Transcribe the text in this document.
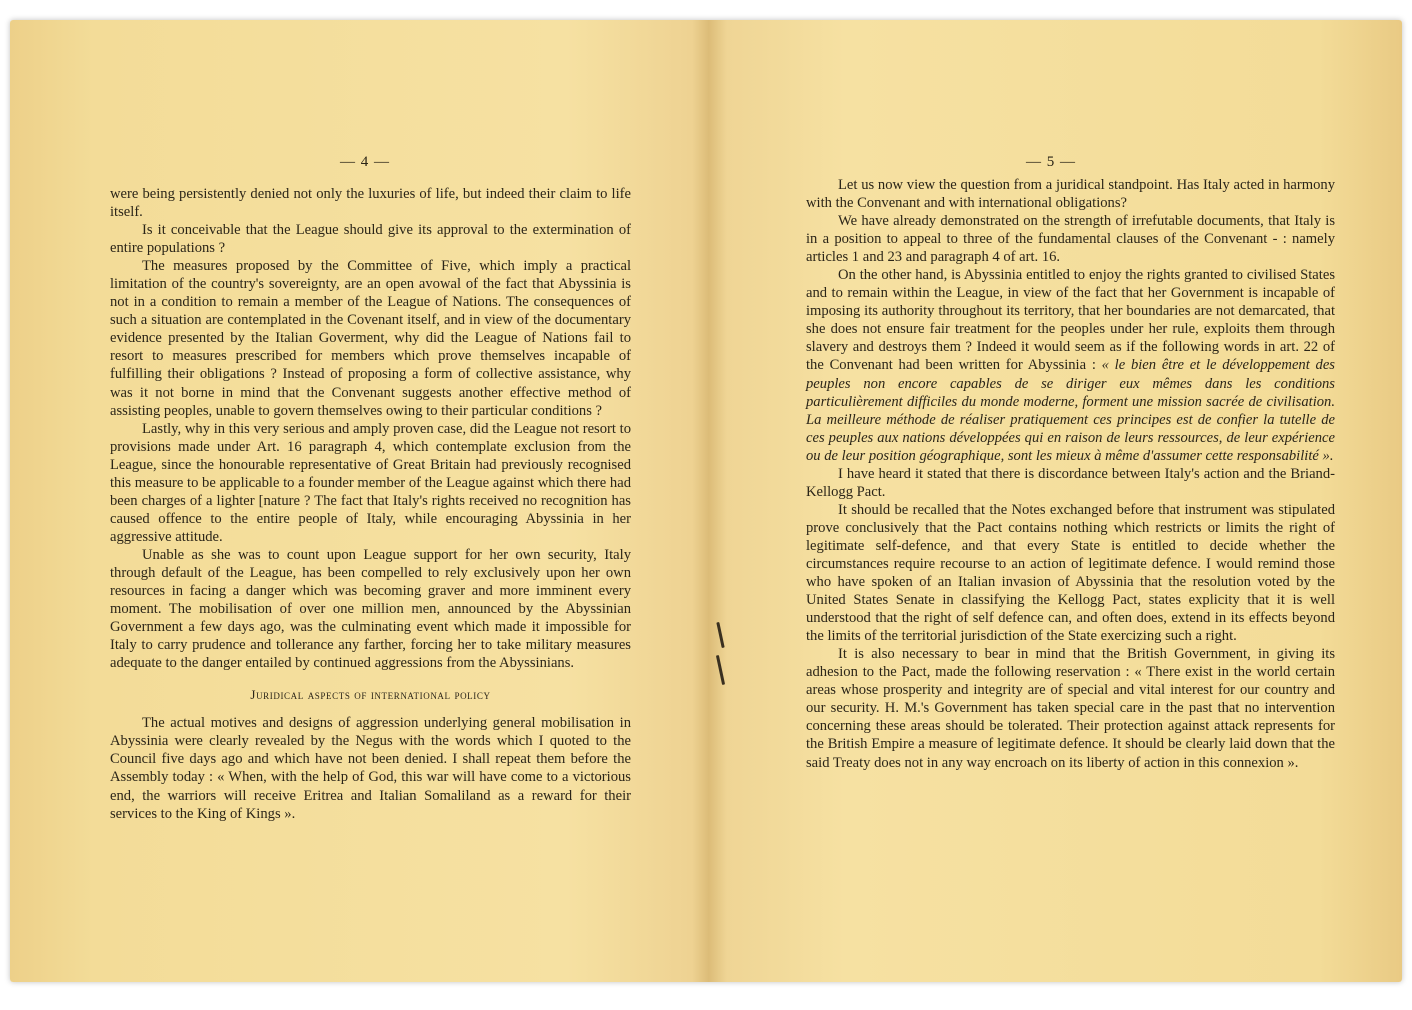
— 4 —

were being persistently denied not only the luxuries of life, but indeed their claim to life itself.

Is it conceivable that the League should give its approval to the extermination of entire populations ?

The measures proposed by the Committee of Five, which imply a practical limitation of the country's sovereignty, are an open avowal of the fact that Abyssinia is not in a condition to remain a member of the League of Nations. The consequences of such a situation are contemplated in the Covenant itself, and in view of the documentary evidence presented by the Italian Goverment, why did the League of Nations fail to resort to measures prescribed for members which prove themselves incapable of fulfilling their obligations ? Instead of proposing a form of collective assistance, why was it not borne in mind that the Convenant suggests another effective method of assisting peoples, unable to govern themselves owing to their particular conditions ?

Lastly, why in this very serious and amply proven case, did the League not resort to provisions made under Art. 16 paragraph 4, which contemplate exclusion from the League, since the honourable representative of Great Britain had previously recognised this measure to be applicable to a founder member of the League against which there had been charges of a lighter [nature ? The fact that Italy's rights received no recognition has caused offence to the entire people of Italy, while encouraging Abyssinia in her aggressive attitude.

Unable as she was to count upon League support for her own security, Italy through default of the League, has been compelled to rely exclusively upon her own resources in facing a danger which was becoming graver and more imminent every moment. The mobilisation of over one million men, announced by the Abyssinian Government a few days ago, was the culminating event which made it impossible for Italy to carry prudence and tollerance any farther, forcing her to take military measures adequate to the danger entailed by continued aggressions from the Abyssinians.

Juridical aspects of international policy

The actual motives and designs of aggression underlying general mobilisation in Abyssinia were clearly revealed by the Negus with the words which I quoted to the Council five days ago and which have not been denied. I shall repeat them before the Assembly today : « When, with the help of God, this war will have come to a victorious end, the warriors will receive Eritrea and Italian Somaliland as a reward for their services to the King of Kings ».

— 5 —

Let us now view the question from a juridical standpoint. Has Italy acted in harmony with the Convenant and with international obligations?

We have already demonstrated on the strength of irrefutable documents, that Italy is in a position to appeal to three of the fundamental clauses of the Convenant - : namely articles 1 and 23 and paragraph 4 of art. 16.

On the other hand, is Abyssinia entitled to enjoy the rights granted to civilised States and to remain within the League, in view of the fact that her Government is incapable of imposing its authority throughout its territory, that her boundaries are not demarcated, that she does not ensure fair treatment for the peoples under her rule, exploits them through slavery and destroys them ? Indeed it would seem as if the following words in art. 22 of the Convenant had been written for Abyssinia : « le bien être et le développement des peuples non encore capables de se diriger eux mêmes dans les conditions particulièrement difficiles du monde moderne, forment une mission sacrée de civilisation. La meilleure méthode de réaliser pratiquement ces principes est de confier la tutelle de ces peuples aux nations développées qui en raison de leurs ressources, de leur expérience ou de leur position géographique, sont les mieux à même d'assumer cette responsabilité ».

I have heard it stated that there is discordance between Italy's action and the Briand-Kellogg Pact.

It should be recalled that the Notes exchanged before that instrument was stipulated prove conclusively that the Pact contains nothing which restricts or limits the right of legitimate self-defence, and that every State is entitled to decide whether the circumstances require recourse to an action of legitimate defence. I would remind those who have spoken of an Italian invasion of Abyssinia that the resolution voted by the United States Senate in classifying the Kellogg Pact, states explicity that it is well understood that the right of self defence can, and often does, extend in its effects beyond the limits of the territorial jurisdiction of the State exercizing such a right.

It is also necessary to bear in mind that the British Government, in giving its adhesion to the Pact, made the following reservation : « There exist in the world certain areas whose prosperity and integrity are of special and vital interest for our country and our security. H. M.'s Government has taken special care in the past that no intervention concerning these areas should be tolerated. Their protection against attack represents for the British Empire a measure of legitimate defence. It should be clearly laid down that the said Treaty does not in any way encroach on its liberty of action in this connexion ».
